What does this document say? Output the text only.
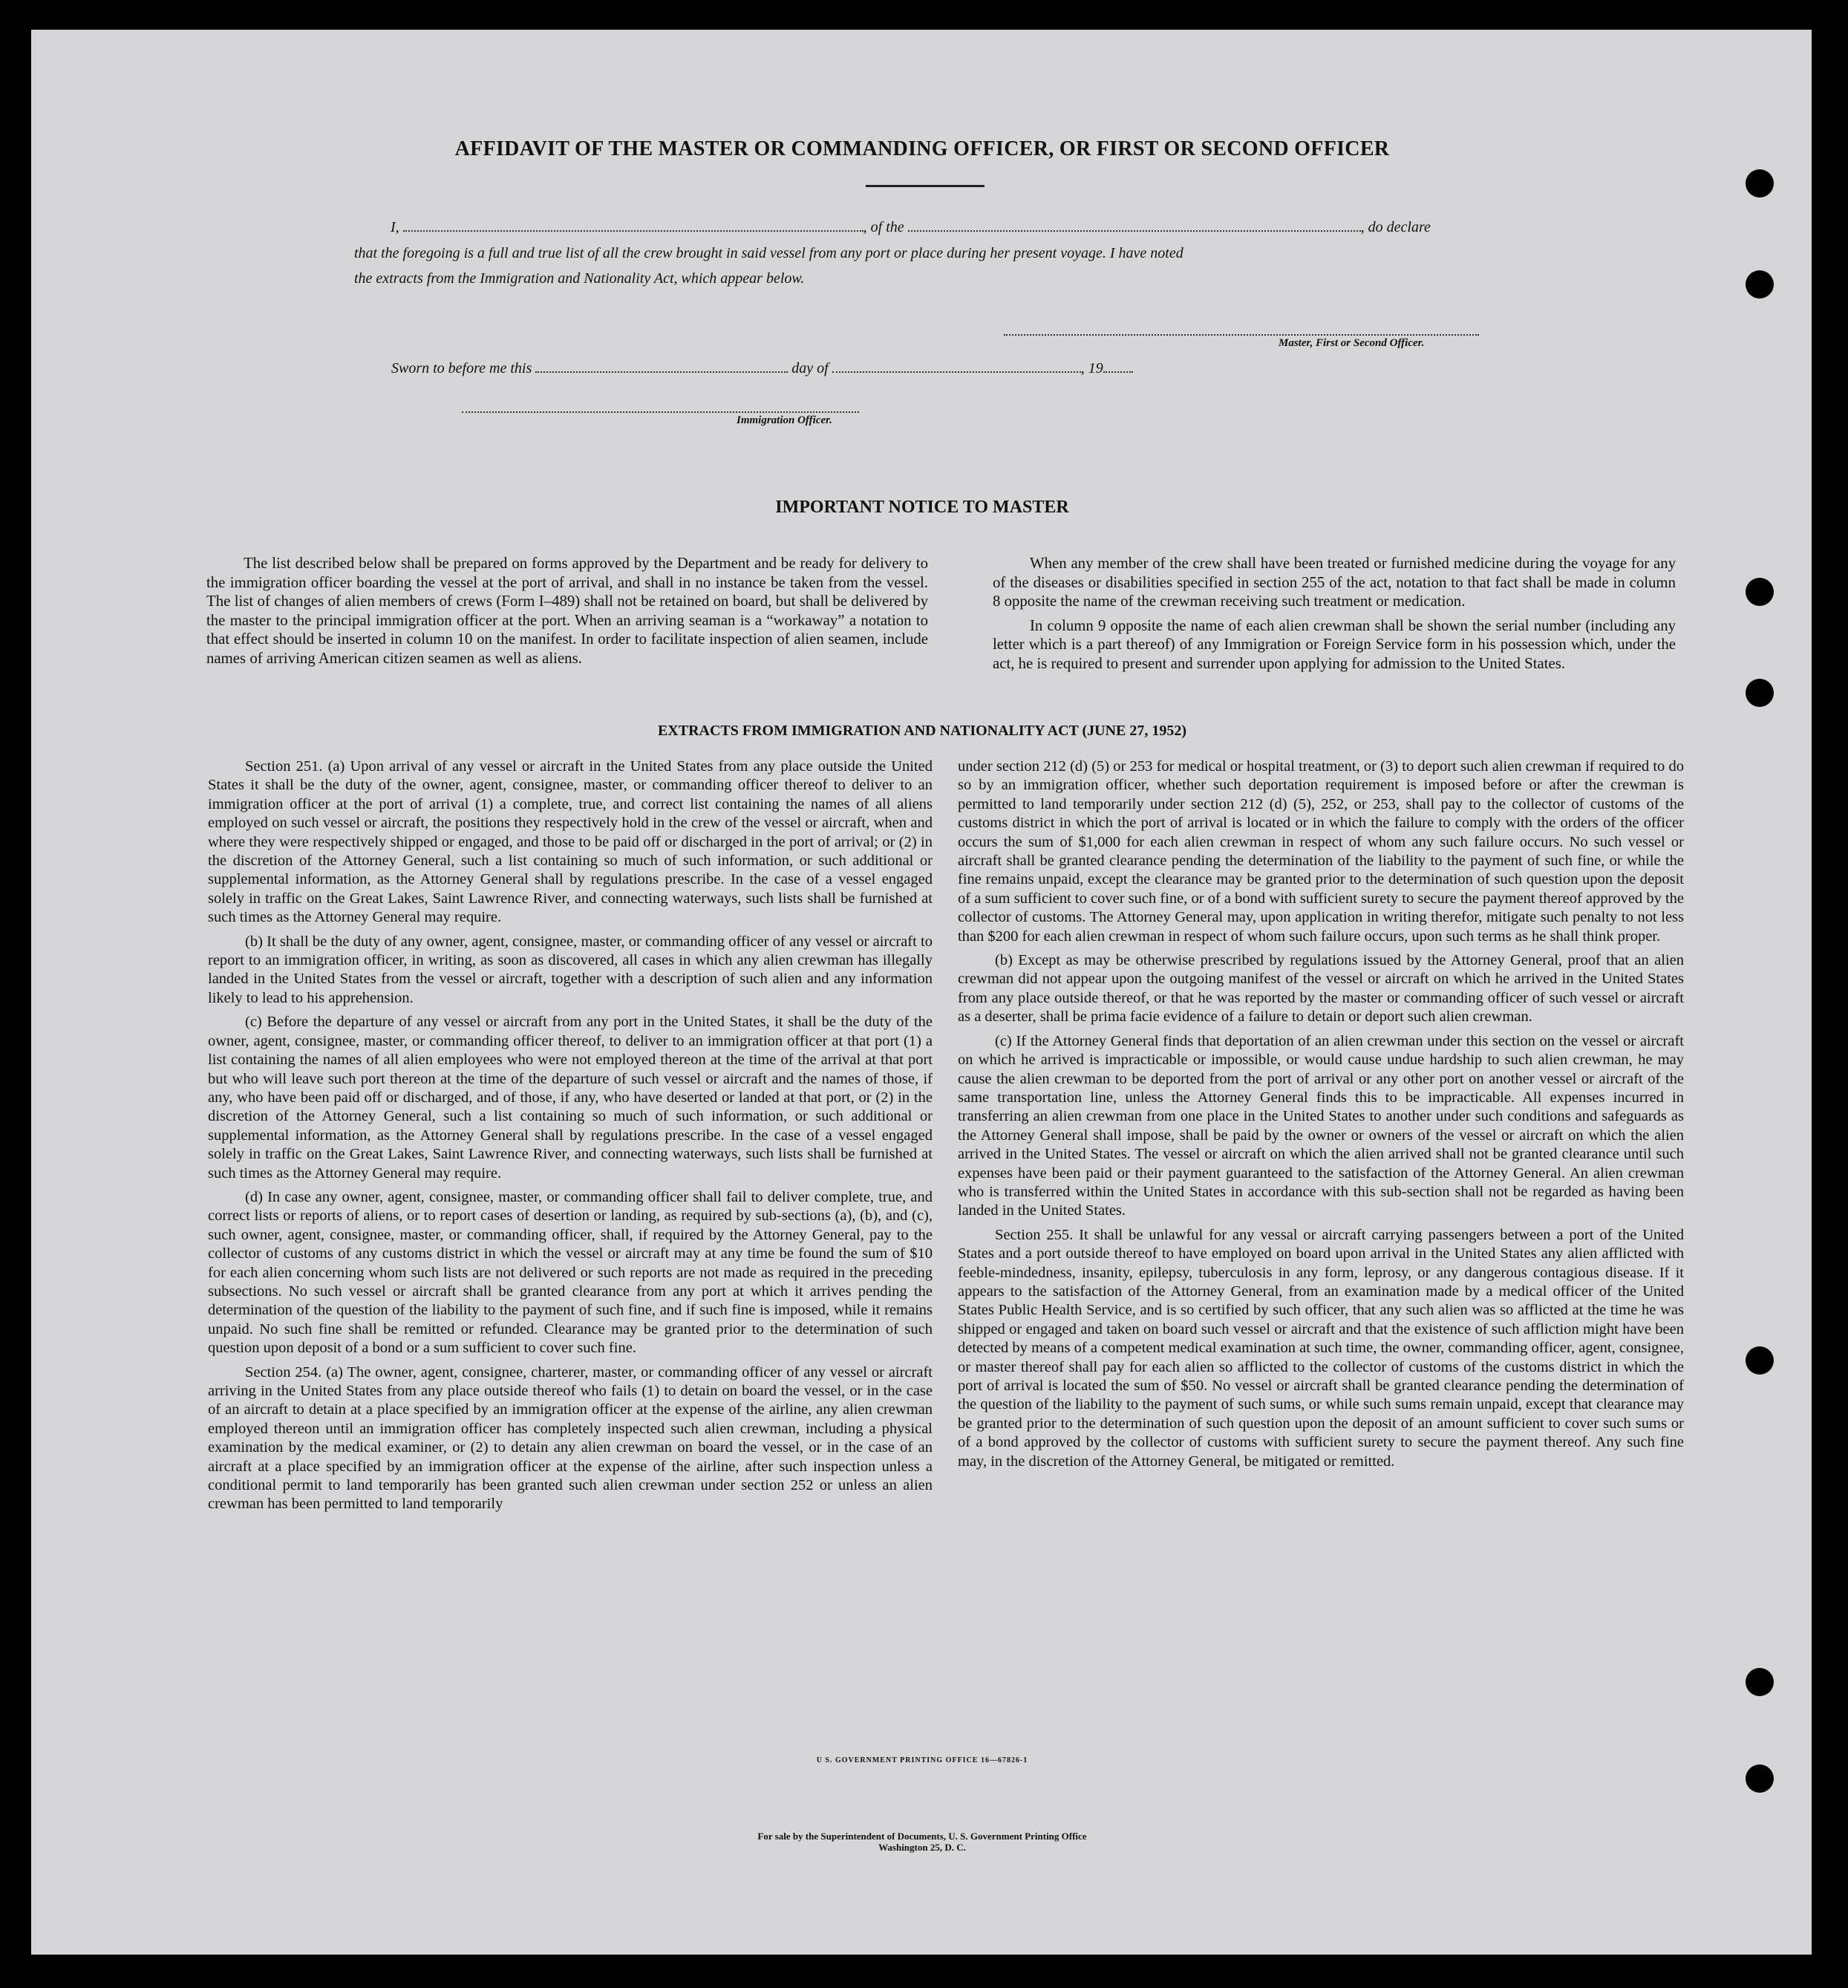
AFFIDAVIT OF THE MASTER OR COMMANDING OFFICER, OR FIRST OR SECOND OFFICER
I,	, of the	, do declare
that the foregoing is a full and true list of all the crew brought in said vessel from any port or place during her present voyage. I have noted
the extracts from the Immigration and Nationality Act, which appear below.
Master, First or Second Officer.
Sworn to before me this	day of	, 19
Immigration Officer.
IMPORTANT NOTICE TO MASTER

The list described below shall be prepared on forms approved by the Department and be ready for delivery to the immigration officer boarding the vessel at the port of arrival, and shall in no instance be taken from the vessel. The list of changes of alien members of crews (Form I–489) shall not be retained on board, but shall be delivered by the master to the principal immigration officer at the port. When an arriving seaman is a “workaway” a notation to that effect should be inserted in column 10 on the manifest. In order to facilitate inspection of alien seamen, include names of arriving American citizen seamen as well as aliens.

When any member of the crew shall have been treated or furnished medicine during the voyage for any of the diseases or disabilities specified in section 255 of the act, notation to that fact shall be made in column 8 opposite the name of the crewman receiving such treatment or medication.

In column 9 opposite the name of each alien crewman shall be shown the serial number (including any letter which is a part thereof) of any Immigration or Foreign Service form in his possession which, under the act, he is required to present and surrender upon applying for admission to the United States.

EXTRACTS FROM IMMIGRATION AND NATIONALITY ACT (JUNE 27, 1952)

Section 251. (a) Upon arrival of any vessel or aircraft in the United States from any place outside the United States it shall be the duty of the owner, agent, consignee, master, or commanding officer thereof to deliver to an immigration officer at the port of arrival (1) a complete, true, and correct list containing the names of all aliens employed on such vessel or aircraft, the positions they respectively hold in the crew of the vessel or aircraft, when and where they were respectively shipped or engaged, and those to be paid off or discharged in the port of arrival; or (2) in the discretion of the Attorney General, such a list containing so much of such information, or such additional or supplemental information, as the Attorney General shall by regulations prescribe. In the case of a vessel engaged solely in traffic on the Great Lakes, Saint Lawrence River, and connecting waterways, such lists shall be furnished at such times as the Attorney General may require.

(b) It shall be the duty of any owner, agent, consignee, master, or commanding officer of any vessel or aircraft to report to an immigration officer, in writing, as soon as discovered, all cases in which any alien crewman has illegally landed in the United States from the vessel or aircraft, together with a description of such alien and any information likely to lead to his apprehension.

(c) Before the departure of any vessel or aircraft from any port in the United States, it shall be the duty of the owner, agent, consignee, master, or commanding officer thereof, to deliver to an immigration officer at that port (1) a list containing the names of all alien employees who were not employed thereon at the time of the arrival at that port but who will leave such port thereon at the time of the departure of such vessel or aircraft and the names of those, if any, who have been paid off or discharged, and of those, if any, who have deserted or landed at that port, or (2) in the discretion of the Attorney General, such a list containing so much of such information, or such additional or supplemental information, as the Attorney General shall by regulations prescribe. In the case of a vessel engaged solely in traffic on the Great Lakes, Saint Lawrence River, and connecting waterways, such lists shall be furnished at such times as the Attorney General may require.

(d) In case any owner, agent, consignee, master, or commanding officer shall fail to deliver complete, true, and correct lists or reports of aliens, or to report cases of desertion or landing, as required by sub-sections (a), (b), and (c), such owner, agent, consignee, master, or commanding officer, shall, if required by the Attorney General, pay to the collector of customs of any customs district in which the vessel or aircraft may at any time be found the sum of $10 for each alien concerning whom such lists are not delivered or such reports are not made as required in the preceding subsections. No such vessel or aircraft shall be granted clearance from any port at which it arrives pending the determination of the question of the liability to the payment of such fine, and if such fine is imposed, while it remains unpaid. No such fine shall be remitted or refunded. Clearance may be granted prior to the determination of such question upon deposit of a bond or a sum sufficient to cover such fine.

Section 254. (a) The owner, agent, consignee, charterer, master, or commanding officer of any vessel or aircraft arriving in the United States from any place outside thereof who fails (1) to detain on board the vessel, or in the case of an aircraft to detain at a place specified by an immigration officer at the expense of the airline, any alien crewman employed thereon until an immigration officer has completely inspected such alien crewman, including a physical examination by the medical examiner, or (2) to detain any alien crewman on board the vessel, or in the case of an aircraft at a place specified by an immigration officer at the expense of the airline, after such inspection unless a conditional permit to land temporarily has been granted such alien crewman under section 252 or unless an alien crewman has been permitted to land temporarily

under section 212 (d) (5) or 253 for medical or hospital treatment, or (3) to deport such alien crewman if required to do so by an immigration officer, whether such deportation requirement is imposed before or after the crewman is permitted to land temporarily under section 212 (d) (5), 252, or 253, shall pay to the collector of customs of the customs district in which the port of arrival is located or in which the failure to comply with the orders of the officer occurs the sum of $1,000 for each alien crewman in respect of whom any such failure occurs. No such vessel or aircraft shall be granted clearance pending the determination of the liability to the payment of such fine, or while the fine remains unpaid, except the clearance may be granted prior to the determination of such question upon the deposit of a sum sufficient to cover such fine, or of a bond with sufficient surety to secure the payment thereof approved by the collector of customs. The Attorney General may, upon application in writing therefor, mitigate such penalty to not less than $200 for each alien crewman in respect of whom such failure occurs, upon such terms as he shall think proper.

(b) Except as may be otherwise prescribed by regulations issued by the Attorney General, proof that an alien crewman did not appear upon the outgoing manifest of the vessel or aircraft on which he arrived in the United States from any place outside thereof, or that he was reported by the master or commanding officer of such vessel or aircraft as a deserter, shall be prima facie evidence of a failure to detain or deport such alien crewman.

(c) If the Attorney General finds that deportation of an alien crewman under this section on the vessel or aircraft on which he arrived is impracticable or impossible, or would cause undue hardship to such alien crewman, he may cause the alien crewman to be deported from the port of arrival or any other port on another vessel or aircraft of the same transportation line, unless the Attorney General finds this to be impracticable. All expenses incurred in transferring an alien crewman from one place in the United States to another under such conditions and safeguards as the Attorney General shall impose, shall be paid by the owner or owners of the vessel or aircraft on which the alien arrived in the United States. The vessel or aircraft on which the alien arrived shall not be granted clearance until such expenses have been paid or their payment guaranteed to the satisfaction of the Attorney General. An alien crewman who is transferred within the United States in accordance with this sub-section shall not be regarded as having been landed in the United States.

Section 255. It shall be unlawful for any vessal or aircraft carrying passengers between a port of the United States and a port outside thereof to have employed on board upon arrival in the United States any alien afflicted with feeble-mindedness, insanity, epilepsy, tuberculosis in any form, leprosy, or any dangerous contagious disease. If it appears to the satisfaction of the Attorney General, from an examination made by a medical officer of the United States Public Health Service, and is so certified by such officer, that any such alien was so afflicted at the time he was shipped or engaged and taken on board such vessel or aircraft and that the existence of such affliction might have been detected by means of a competent medical examination at such time, the owner, commanding officer, agent, consignee, or master thereof shall pay for each alien so afflicted to the collector of customs of the customs district in which the port of arrival is located the sum of $50. No vessel or aircraft shall be granted clearance pending the determination of the question of the liability to the payment of such sums, or while such sums remain unpaid, except that clearance may be granted prior to the determination of such question upon the deposit of an amount sufficient to cover such sums or of a bond approved by the collector of customs with sufficient surety to secure the payment thereof. Any such fine may, in the discretion of the Attorney General, be mitigated or remitted.

U S. GOVERNMENT PRINTING OFFICE 16—67826-1
For sale by the Superintendent of Documents, U. S. Government Printing Office
Washington 25, D. C.
